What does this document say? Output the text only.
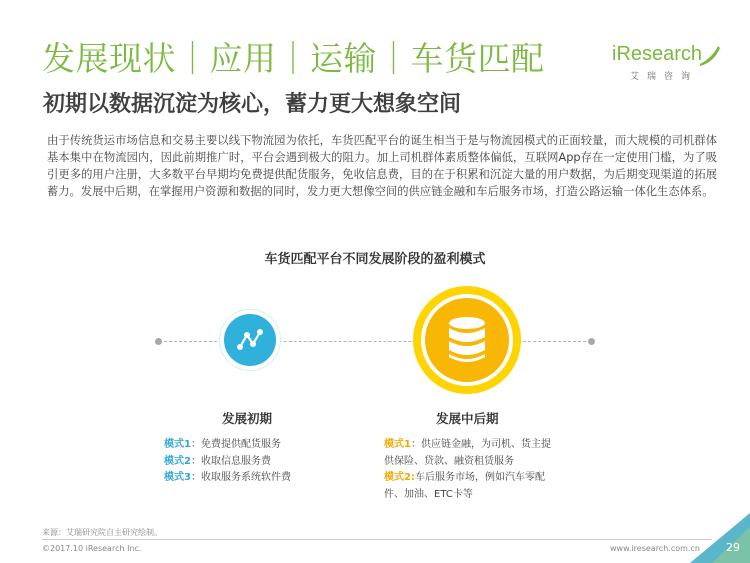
发展现状｜应用｜运输｜车货匹配
初期以数据沉淀为核心，蓄力更大想象空间
iResearch
艾瑞咨询

由于传统货运市场信息和交易主要以线下物流园为依托，车货匹配平台的诞生相当于是与物流园模式的正面较量，而大规模的司机群体基本集中在物流园内，因此前期推广时，平台会遇到极大的阻力。加上司机群体素质整体偏低，互联网App存在一定使用门槛，为了吸引更多的用户注册，大多数平台早期均免费提供配货服务，免收信息费，目的在于积累和沉淀大量的用户数据，为后期变现渠道的拓展蓄力。发展中后期，在掌握用户资源和数据的同时，发力更大想像空间的供应链金融和车后服务市场，打造公路运输一体化生态体系。

车货匹配平台不同发展阶段的盈利模式
发展初期	发展中后期
模式1：免费提供配货服务
模式2：收取信息服务费
模式3：收取服务系统软件费
模式1：供应链金融，为司机、货主提供保险、贷款、融资租赁服务
模式2:车后服务市场，例如汽车零配件、加油、ETC卡等
来源：艾瑞研究院自主研究绘制。
©2017.10 iResearch Inc.	www.iresearch.com.cn 29
